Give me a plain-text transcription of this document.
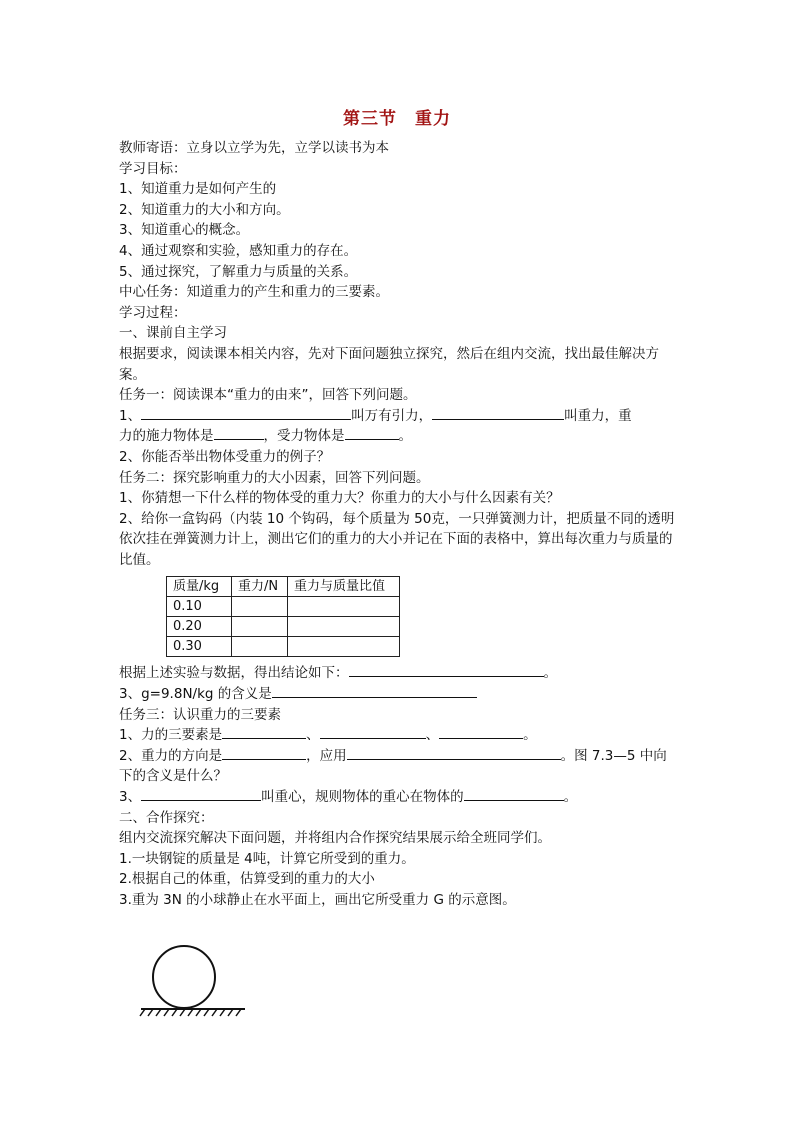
第三节　重力

教师寄语：立身以立学为先，立学以读书为本

学习目标：

1、知道重力是如何产生的

2、知道重力的大小和方向。

3、知道重心的概念。

4、通过观察和实验，感知重力的存在。

5、通过探究，了解重力与质量的关系。

中心任务：知道重力的产生和重力的三要素。

学习过程：

一、课前自主学习

根据要求，阅读课本相关内容，先对下面问题独立探究，然后在组内交流，找出最佳解决方案。

任务一：阅读课本“重力的由来”，回答下列问题。

1、	叫万有引力，	叫重力，重

力的施力物体是	，受力物体是	。

2、你能否举出物体受重力的例子？

任务二：探究影响重力的大小因素，回答下列问题。

1、你猜想一下什么样的物体受的重力大？你重力的大小与什么因素有关？

2、给你一盒钩码（内装 10 个钩码，每个质量为 50克，一只弹簧测力计，把质量不同的透明依次挂在弹簧测力计上，测出它们的重力的大小并记在下面的表格中，算出每次重力与质量的比值。

质量/kg	重力/N	重力与质量比值
0.10		
0.20		
0.30		

根据上述实验与数据，得出结论如下：	。

3、g=9.8N/kg 的含义是

任务三：认识重力的三要素

1、力的三要素是	、	、	。

2、重力的方向是	，应用	。图 7.3—5 中向

下的含义是什么？

3、	叫重心，规则物体的重心在物体的	。

二、合作探究：

组内交流探究解决下面问题，并将组内合作探究结果展示给全班同学们。

1.一块钢锭的质量是 4吨，计算它所受到的重力。

2.根据自己的体重，估算受到的重力的大小

3.重为 3N 的小球静止在水平面上，画出它所受重力 G 的示意图。
